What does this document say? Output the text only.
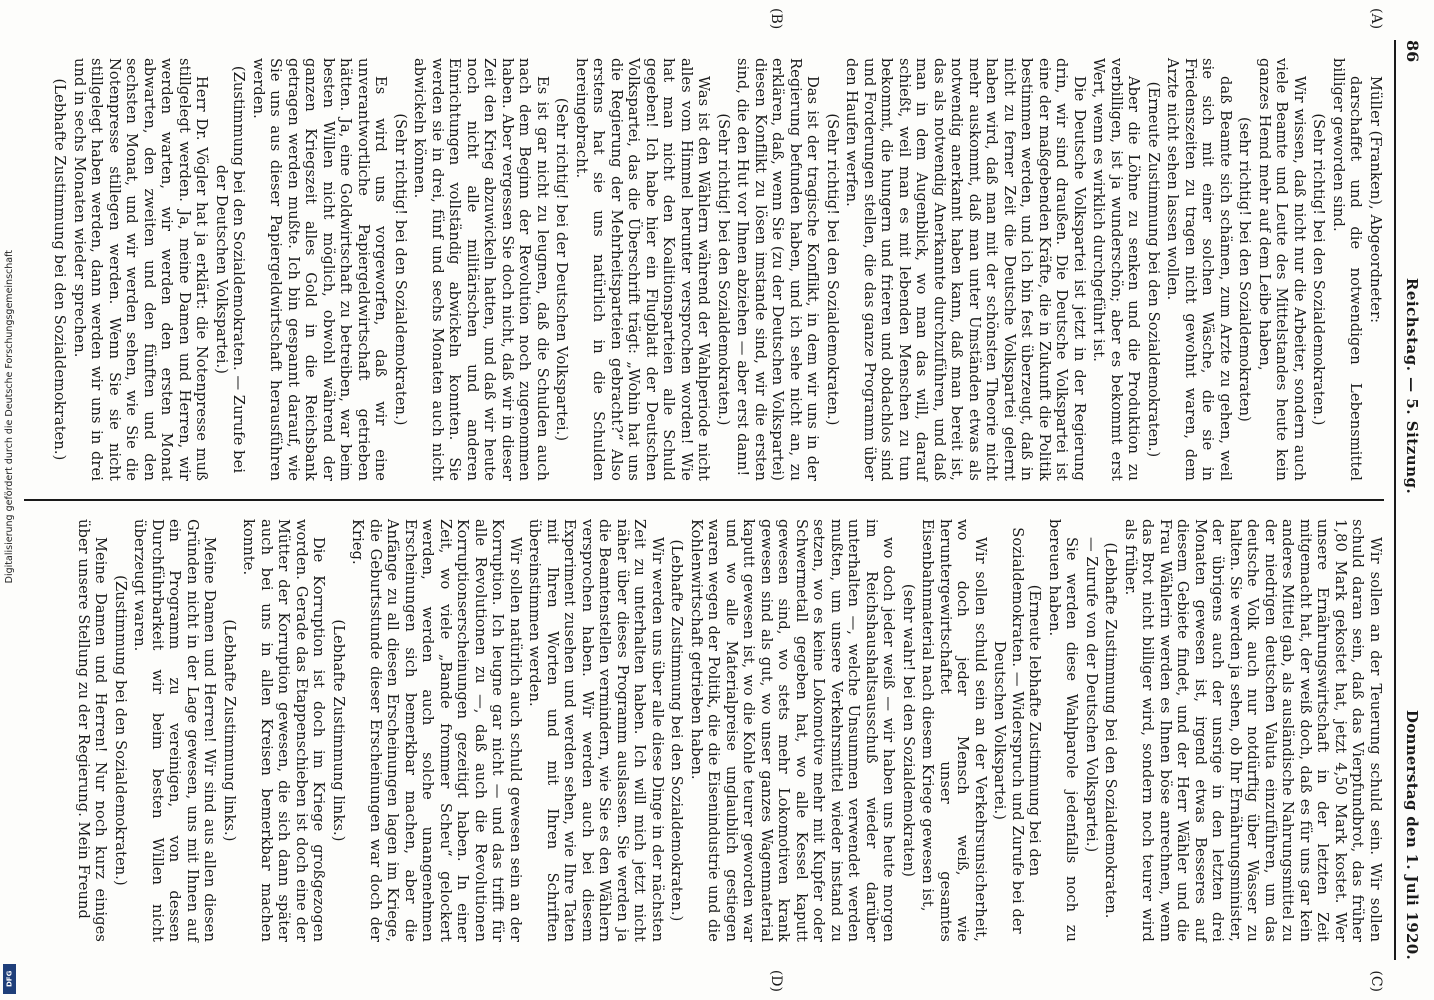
86
Reichstag. — 5. Sitzung.
Donnerstag den 1. Juli 1920.
(A)
(B)

Müller (Franken), Abgeordneter:

darschaffet und die notwendigen Lebensmittel billiger geworden sind.

(Sehr richtig! bei den Sozialdemokraten.)

Wir wissen, daß nicht nur die Arbeiter, sondern auch viele Beamte und Leute des Mittelstandes heute kein ganzes Hemd mehr auf dem Leibe haben,

(sehr richtig! bei den Sozialdemokraten)

daß Beamte sich schämen, zum Arzte zu gehen, weil sie sich mit einer solchen Wäsche, die sie in Friedenszeiten zu tragen nicht gewohnt waren, dem Arzte nicht sehen lassen wollen.

(Erneute Zustimmung bei den Sozialdemokraten.)

Aber die Löhne zu senken und die Produktion zu verbilligen, ist ja wunderschön; aber es bekommt erst Wert, wenn es wirklich durchgeführt ist.

Die Deutsche Volkspartei ist jetzt in der Regierung drin, wir sind draußen. Die Deutsche Volkspartei ist eine der maßgebenden Kräfte, die in Zukunft die Politik bestimmen werden, und ich bin fest überzeugt, daß in nicht zu ferner Zeit die Deutsche Volkspartei gelernt haben wird, daß man mit der schönsten Theorie nicht mehr auskommt, daß man unter Umständen etwas als notwendig anerkannt haben kann, daß man bereit ist, das als notwendig Anerkannte durchzuführen, und daß man in dem Augenblick, wo man das will, darauf schießt, weil man es mit lebenden Menschen zu tun bekommt, die hungern und frieren und obdachlos sind und Forderungen stellen, die das ganze Programm über den Haufen werfen.

(Sehr richtig! bei den Sozialdemokraten.)

Das ist der tragische Konflikt, in dem wir uns in der Regierung befunden haben, und ich sehe nicht an, zu erklären, daß, wenn Sie (zu der Deutschen Volkspartei) diesen Konflikt zu lösen imstande sind, wir die ersten sind, die den Hut vor Ihnen abziehen — aber erst dann!

(Sehr richtig! bei den Sozialdemokraten.)

Was ist den Wählern während der Wahlperiode nicht alles vom Himmel herunter versprochen worden! Wie hat man nicht den Koalitionsparteien alle Schuld gegeben! Ich habe hier ein Flugblatt der Deutschen Volkspartei, das die Überschrift trägt: „Wohin hat uns die Regierung der Mehrheitsparteien gebracht?“ Also erstens hat sie uns natürlich in die Schulden hereingebracht.

(Sehr richtig! bei der Deutschen Volkspartei.)

Es ist gar nicht zu leugnen, daß die Schulden auch nach dem Beginn der Revolution noch zugenommen haben. Aber vergessen Sie doch nicht, daß wir in dieser Zeit den Krieg abzuwickeln hatten, und daß wir heute noch nicht alle militärischen und anderen Einrichtungen vollständig abwickeln konnten. Sie werden sie in drei, fünf und sechs Monaten auch nicht abwickeln können.

(Sehr richtig! bei den Sozialdemokraten.)

Es wird uns vorgeworfen, daß wir eine unverantwortliche Papiergeldwirtschaft getrieben hätten. Ja, eine Goldwirtschaft zu betreiben, war beim besten Willen nicht möglich, obwohl während der ganzen Kriegszeit alles Gold in die Reichsbank getragen werden mußte. Ich bin gespannt darauf, wie Sie uns aus dieser Papiergeldwirtschaft herausführen werden.

(Zustimmung bei den Sozialdemokraten. — Zurufe bei der Deutschen Volkspartei.)

Herr Dr. Vögler hat ja erklärt: die Notenpresse muß stillgelegt werden. Ja, meine Damen und Herren, wir werden warten, wir werden den ersten Monat abwarten, den zweiten und den fünften und den sechsten Monat, und wir werden sehen, wie Sie die Notenpresse stillegen werden. Wenn Sie sie nicht stillgelegt haben werden, dann werden wir uns in drei und in sechs Monaten wieder sprechen.

(Lebhafte Zustimmung bei den Sozialdemokraten.)

(C)
(D)

Wir sollen an der Teuerung schuld sein. Wir sollen schuld daran sein, daß das Vierpfundbrot, das früher 1,80 Mark gekostet hat, jetzt 4,50 Mark kostet. Wer unsere Ernährungswirtschaft in der letzten Zeit mitgemacht hat, der weiß doch, daß es für uns gar kein anderes Mittel gab, als ausländische Nahrungsmittel zu der niedrigen deutschen Valuta einzuführen, um das deutsche Volk auch nur notdürftig über Wasser zu halten. Sie werden ja sehen, ob Ihr Ernährungsminister, der übrigens auch der unsrige in den letzten drei Monaten gewesen ist, irgend etwas Besseres auf diesem Gebiete findet, und der Herr Wähler und die Frau Wählerin werden es Ihnen böse anrechnen, wenn das Brot nicht billiger wird, sondern noch teurer wird als früher.

(Lebhafte Zustimmung bei den Sozialdemokraten.

— Zurufe von der Deutschen Volkspartei.)

Sie werden diese Wahlparole jedenfalls noch zu bereuen haben.

(Erneute lebhafte Zustimmung bei den Sozialdemokraten. — Widerspruch und Zurufe bei der Deutschen Volkspartei.)

Wir sollen schuld sein an der Verkehrsunsicherheit, wo doch jeder Mensch weiß, wie heruntergewirtschaftet unser gesamtes Eisenbahnmaterial nach diesem Kriege gewesen ist,

(sehr wahr! bei den Sozialdemokraten)

wo doch jeder weiß — wir haben uns heute morgen im Reichshaushaltsausschuß wieder darüber unterhalten —, welche Unsummen verwendet werden mußten, um unsere Verkehrsmittel wieder instand zu setzen, wo es keine Lokomotive mehr mit Kupfer oder Schwermetall gegeben hat, wo alle Kessel kaputt gewesen sind, wo stets mehr Lokomotiven krank gewesen sind als gut, wo unser ganzes Wagenmaterial kaputt gewesen ist, wo die Kohle teurer geworden war und wo alle Materialpreise unglaublich gestiegen waren wegen der Politik, die die Eisenindustrie und die Kohlenwirtschaft getrieben haben.

(Lebhafte Zustimmung bei den Sozialdemokraten.)

Wir werden uns über alle diese Dinge in der nächsten Zeit zu unterhalten haben. Ich will mich jetzt nicht näher über dieses Programm auslassen. Sie werden ja die Beamtenstellen vermindern, wie Sie es den Wählern versprochen haben. Wir werden auch bei diesem Experiment zusehen und werden sehen, wie Ihre Taten mit Ihren Worten und mit Ihren Schriften übereinstimmen werden.

Wir sollen natürlich auch schuld gewesen sein an der Korruption. Ich leugne gar nicht — und das trifft für alle Revolutionen zu —, daß auch die Revolutionen Korruptionserscheinungen gezeitigt haben. In einer Zeit, wo viele „Bande frommer Scheu“ gelockert werden, werden auch solche unangenehmen Erscheinungen sich bemerkbar machen, aber die Anfänge zu all diesen Erscheinungen lagen im Kriege, die Geburtsstunde dieser Erscheinungen war doch der Krieg.

(Lebhafte Zustimmung links.)

Die Korruption ist doch im Kriege großgezogen worden. Gerade das Etappenschieben ist doch eine der Mütter der Korruption gewesen, die sich dann später auch bei uns in allen Kreisen bemerkbar machen konnte.

(Lebhafte Zustimmung links.)

Meine Damen und Herren! Wir sind aus allen diesen Gründen nicht in der Lage gewesen, uns mit Ihnen auf ein Programm zu vereinigen, von dessen Durchführbarkeit wir beim besten Willen nicht überzeugt waren.

(Zustimmung bei den Sozialdemokraten.)

Meine Damen und Herren! Nur noch kurz einiges über unsere Stellung zu der Regierung. Mein Freund

Digitalisierung gefördert durch die Deutsche Forschungsgemeinschaft
DFG
